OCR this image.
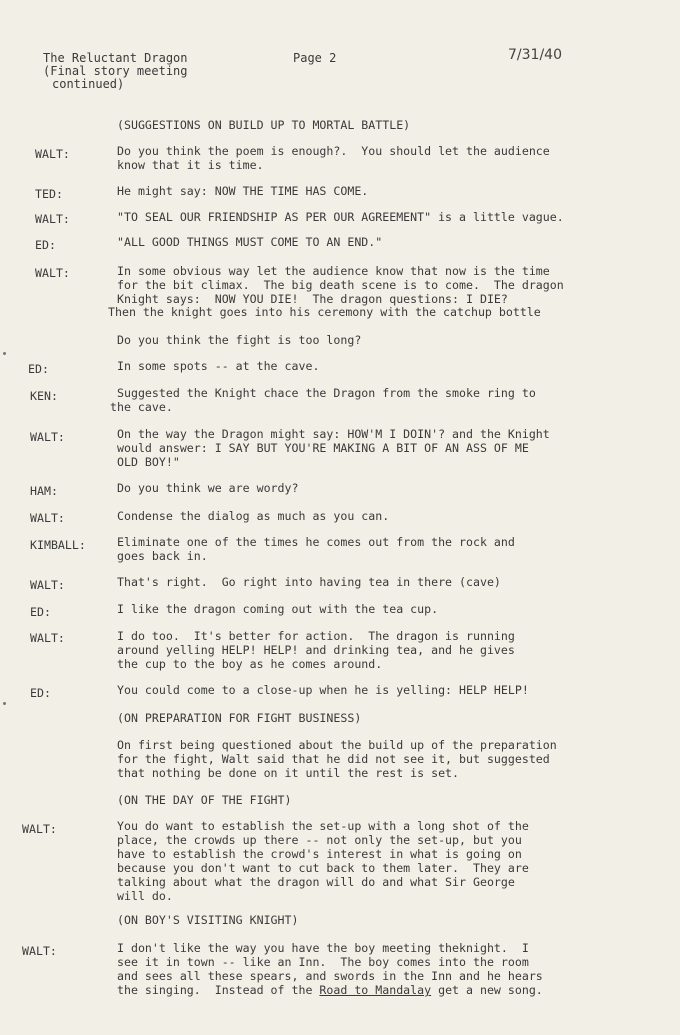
The Reluctant Dragon
(Final story meeting
continued)
Page 2	7/31/40
(SUGGESTIONS ON BUILD UP TO MORTAL BATTLE)
WALT:	Do you think the poem is enough?.  You should let the audience
know that it is time.
TED:	He might say: NOW THE TIME HAS COME.
WALT:	"TO SEAL OUR FRIENDSHIP AS PER OUR AGREEMENT" is a little vague.
ED:	"ALL GOOD THINGS MUST COME TO AN END."
WALT:	In some obvious way let the audience know that now is the time
for the bit climax.  The big death scene is to come.  The dragon
Knight says:  NOW YOU DIE!  The dragon questions: I DIE?
Then the knight goes into his ceremony with the catchup bottle
Do you think the fight is too long?
ED:	In some spots -- at the cave.
KEN:	Suggested the Knight chace the Dragon from the smoke ring to
the cave.
WALT:	On the way the Dragon might say: HOW'M I DOIN'? and the Knight
would answer: I SAY BUT YOU'RE MAKING A BIT OF AN ASS OF ME
OLD BOY!"
HAM:	Do you think we are wordy?
WALT:	Condense the dialog as much as you can.
KIMBALL:	Eliminate one of the times he comes out from the rock and
goes back in.
WALT:	That's right.  Go right into having tea in there (cave)
ED:	I like the dragon coming out with the tea cup.
WALT:	I do too.  It's better for action.  The dragon is running
around yelling HELP! HELP! and drinking tea, and he gives
the cup to the boy as he comes around.
ED:	You could come to a close-up when he is yelling: HELP HELP!
(ON PREPARATION FOR FIGHT BUSINESS)
On first being questioned about the build up of the preparation
for the fight, Walt said that he did not see it, but suggested
that nothing be done on it until the rest is set.
(ON THE DAY OF THE FIGHT)
WALT:	You do want to establish the set-up with a long shot of the
place, the crowds up there -- not only the set-up, but you
have to establish the crowd's interest in what is going on
because you don't want to cut back to them later.  They are
talking about what the dragon will do and what Sir George
will do.
(ON BOY'S VISITING KNIGHT)
WALT:	I don't like the way you have the boy meeting theknight.  I
see it in town -- like an Inn.  The boy comes into the room
and sees all these spears, and swords in the Inn and he hears
the singing.  Instead of the Road to Mandalay get a new song.
